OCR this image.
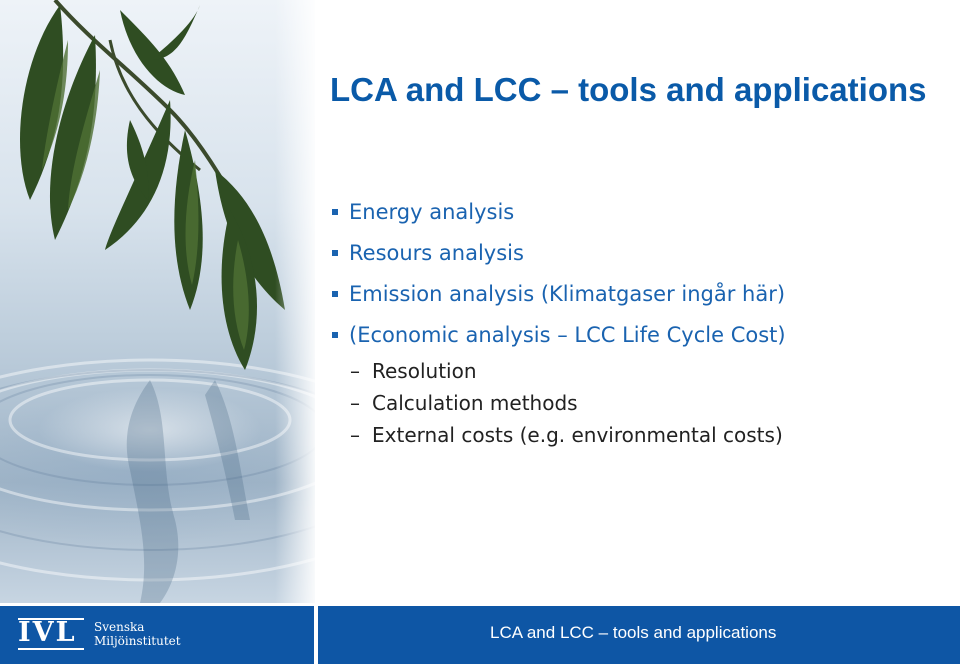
LCA and LCC – tools and applications
Energy analysis
Resours analysis
Emission analysis (Klimatgaser ingår här)
(Economic analysis – LCC Life Cycle Cost)
– Resolution
– Calculation methods
– External costs (e.g. environmental costs)
IVL Svenska
Miljöinstitutet	LCA and LCC – tools and applications
